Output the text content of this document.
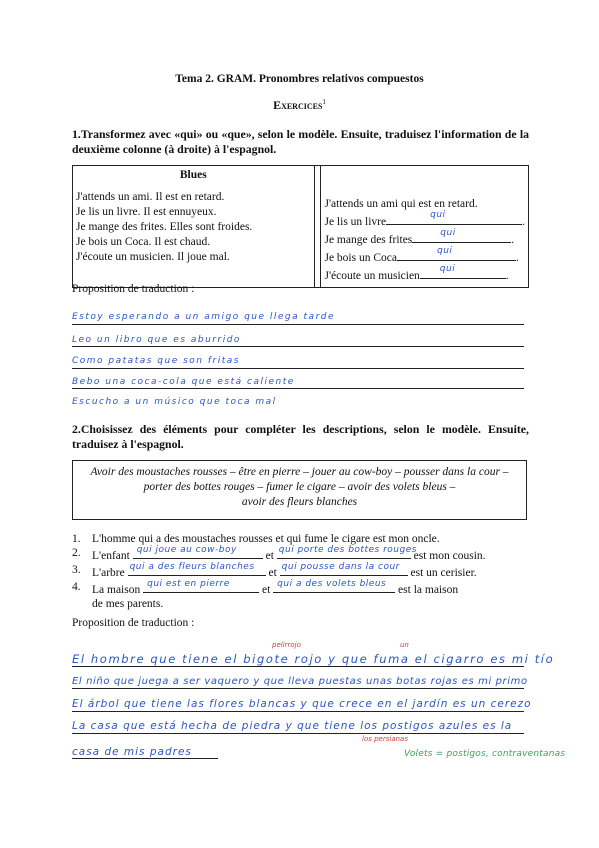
Tema 2. GRAM. Pronombres relativos compuestos
Exercices$^1$
1.Transformez avec «qui» ou «que», selon le modèle. Ensuite, traduisez l'information de la deuxième colonne (à droite) à l'espagnol.
Blues
J'attends un ami. Il est en retard.
Je lis un livre. Il est ennuyeux.
Je mange des frites. Elles sont froides.
Je bois un Coca. Il est chaud.
J'écoute un musicien. Il joue mal.

J'attends un ami qui est en retard.
Je lis un livre
qui
.
Je mange des frites
qui
.
Je bois un Coca
qui
.
J'écoute un musicien
qui
.
Proposition de traduction :
Estoy esperando a un amigo que llega tarde
Leo un libro que es aburrido
Como patatas que son fritas
Bebo una coca-cola que está caliente
Escucho a un músico que toca mal
2.Choisissez des éléments pour compléter les descriptions, selon le modèle. Ensuite, traduisez à l'espagnol.
Avoir des moustaches rousses – être en pierre – jouer au cow-boy – pousser dans la cour –
porter des bottes rouges – fumer le cigare – avoir des volets bleus –
avoir des fleurs blanches
1. L'homme qui a des moustaches rousses et qui fume le cigare est mon oncle.
2. L'enfant qui joue au cow-boy	et qui porte des bottes rouges
est mon cousin.
3. L'arbre qui a des fleurs blanches et qui pousse dans la cour est un cerisier.
4. La maison qui est en pierre	et qui a des volets bleus est la maison
de mes parents.
Proposition de traduction :
pelirrojo	un
El hombre que tiene el bigote rojo y que fuma el cigarro es mi tío
El niño que juega a ser vaquero y que lleva puestas unas botas rojas es mi primo
El árbol que tiene las flores blancas y que crece en el jardín es un cerezo
La casa que está hecha de piedra y que tiene los postigos azules es la
los persianas
casa de mis padres	Volets = postigos, contraventanas
